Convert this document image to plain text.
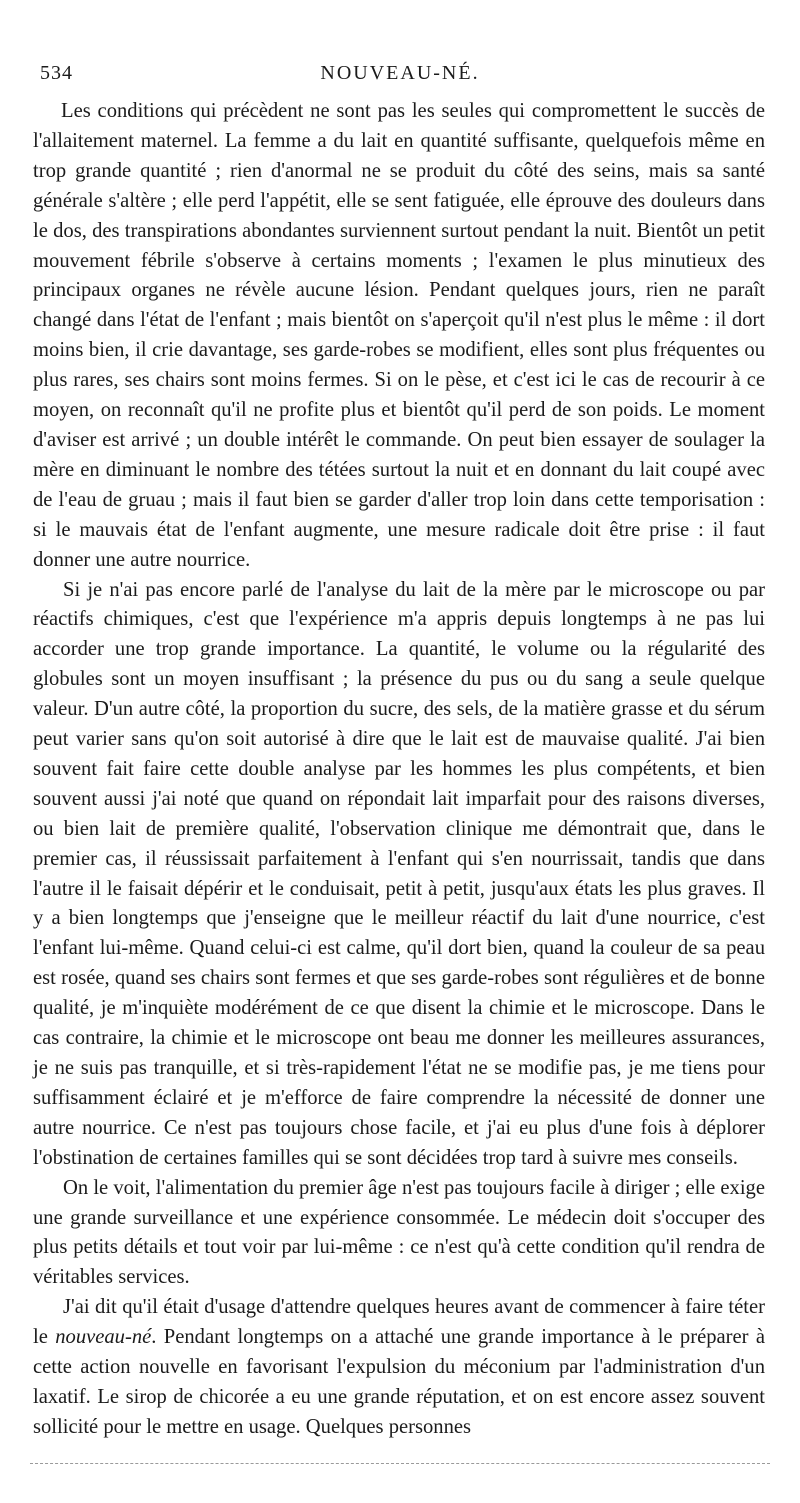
534	NOUVEAU-NÉ.

Les conditions qui précèdent ne sont pas les seules qui compromettent le succès de l'allaitement maternel. La femme a du lait en quantité suffisante, quelquefois même en trop grande quantité ; rien d'anormal ne se produit du côté des seins, mais sa santé générale s'altère ; elle perd l'appétit, elle se sent fatiguée, elle éprouve des douleurs dans le dos, des transpirations abondantes surviennent surtout pendant la nuit. Bientôt un petit mouvement fébrile s'observe à certains moments ; l'examen le plus minutieux des principaux organes ne révèle aucune lésion. Pendant quelques jours, rien ne paraît changé dans l'état de l'enfant ; mais bientôt on s'aperçoit qu'il n'est plus le même : il dort moins bien, il crie davantage, ses garde-robes se modifient, elles sont plus fréquentes ou plus rares, ses chairs sont moins fermes. Si on le pèse, et c'est ici le cas de recourir à ce moyen, on reconnaît qu'il ne profite plus et bientôt qu'il perd de son poids. Le moment d'aviser est arrivé ; un double intérêt le commande. On peut bien essayer de soulager la mère en diminuant le nombre des tétées surtout la nuit et en donnant du lait coupé avec de l'eau de gruau ; mais il faut bien se garder d'aller trop loin dans cette temporisation : si le mauvais état de l'enfant augmente, une mesure radicale doit être prise : il faut donner une autre nourrice.

Si je n'ai pas encore parlé de l'analyse du lait de la mère par le microscope ou par réactifs chimiques, c'est que l'expérience m'a appris depuis longtemps à ne pas lui accorder une trop grande importance. La quantité, le volume ou la régularité des globules sont un moyen insuffisant ; la présence du pus ou du sang a seule quelque valeur. D'un autre côté, la proportion du sucre, des sels, de la matière grasse et du sérum peut varier sans qu'on soit autorisé à dire que le lait est de mauvaise qualité. J'ai bien souvent fait faire cette double analyse par les hommes les plus compétents, et bien souvent aussi j'ai noté que quand on répondait lait imparfait pour des raisons diverses, ou bien lait de première qualité, l'observation clinique me démontrait que, dans le premier cas, il réussissait parfaitement à l'enfant qui s'en nourrissait, tandis que dans l'autre il le faisait dépérir et le conduisait, petit à petit, jusqu'aux états les plus graves. Il y a bien longtemps que j'enseigne que le meilleur réactif du lait d'une nourrice, c'est l'enfant lui-même. Quand celui-ci est calme, qu'il dort bien, quand la couleur de sa peau est rosée, quand ses chairs sont fermes et que ses garde-robes sont régulières et de bonne qualité, je m'inquiète modérément de ce que disent la chimie et le microscope. Dans le cas contraire, la chimie et le microscope ont beau me donner les meilleures assurances, je ne suis pas tranquille, et si très-rapidement l'état ne se modifie pas, je me tiens pour suffisamment éclairé et je m'efforce de faire comprendre la nécessité de donner une autre nourrice. Ce n'est pas toujours chose facile, et j'ai eu plus d'une fois à déplorer l'obstination de certaines familles qui se sont décidées trop tard à suivre mes conseils.

On le voit, l'alimentation du premier âge n'est pas toujours facile à diriger ; elle exige une grande surveillance et une expérience consommée. Le médecin doit s'occuper des plus petits détails et tout voir par lui-même : ce n'est qu'à cette condition qu'il rendra de véritables services.

J'ai dit qu'il était d'usage d'attendre quelques heures avant de commencer à faire téter le nouveau-né. Pendant longtemps on a attaché une grande importance à le préparer à cette action nouvelle en favorisant l'expulsion du méconium par l'administration d'un laxatif. Le sirop de chicorée a eu une grande réputation, et on est encore assez souvent sollicité pour le mettre en usage. Quelques personnes
